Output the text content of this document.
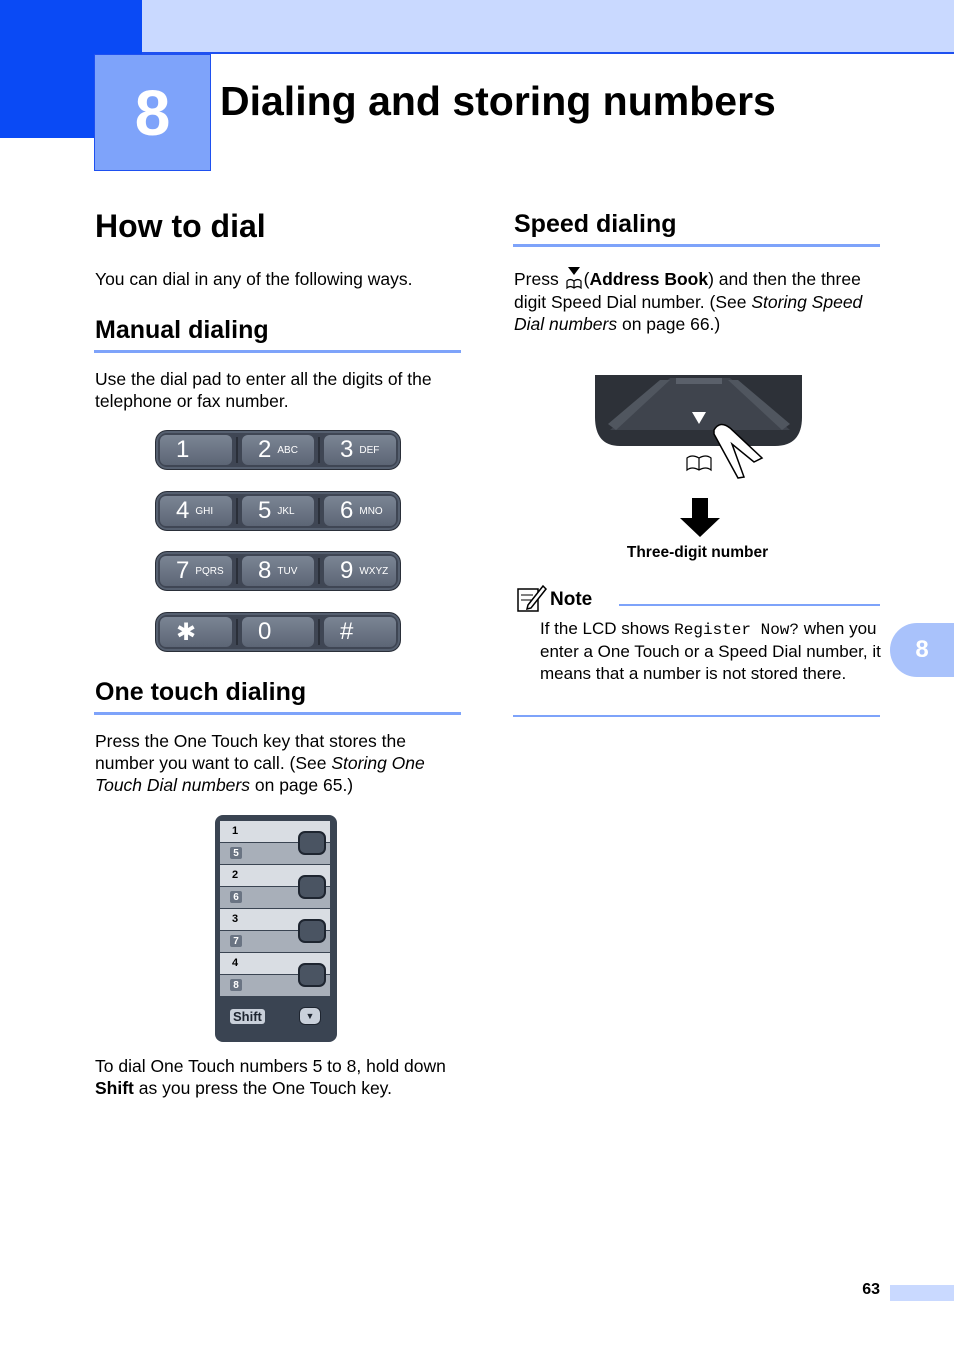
8	Dialing and storing numbers
How to dial

You can dial in any of the following ways.

Manual dialing

Use the dial pad to enter all the digits of the telephone or fax number.

1	2 ABC 3 DEF
4 GHI 5 JKL 6 MNO
7 PQRS 8 TUV 9 WXYZ
✱	0	#
One touch dialing

Press the One Touch key that stores the number you want to call. (See Storing One Touch Dial numbers on page 65.)

1
5
2
6
3
7
4
8
Shift	▼

To dial One Touch numbers 5 to 8, hold down Shift as you press the One Touch key.

Speed dialing

Press
(Address Book) and then the three digit Speed Dial number. (See Storing Speed Dial numbers on page 66.)

Three-digit number
Note

If the LCD shows Register Now? when you enter a One Touch or a Speed Dial number, it means that a number is not stored there.

8
63
